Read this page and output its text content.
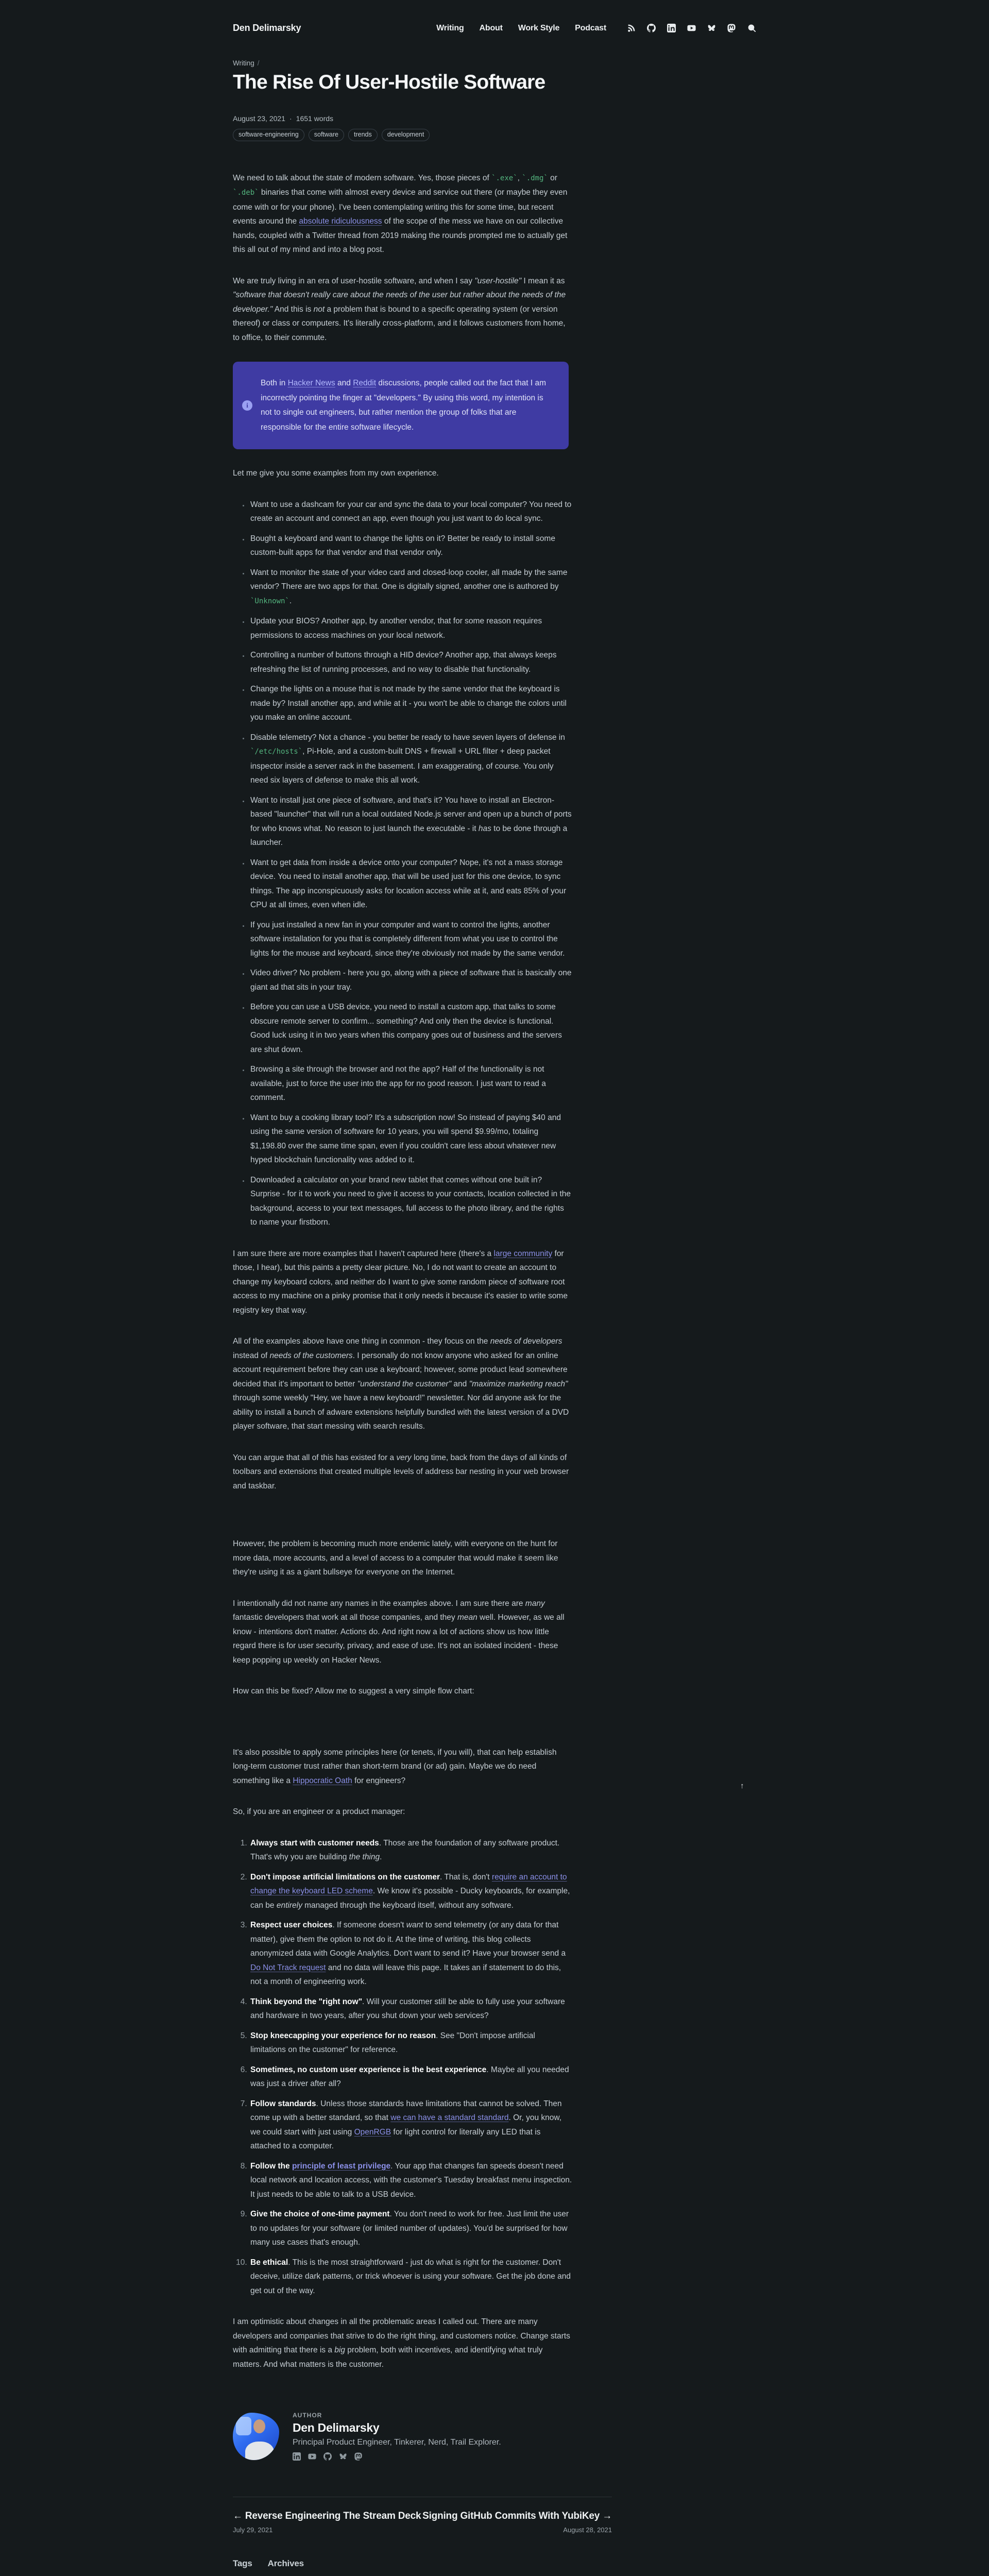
Den Delimarsky	Writing About Work Style Podcast
Writing /
The Rise Of User-Hostile Software
August 23, 2021 · 1651 words
software-engineering	software	trends	development

We need to talk about the state of modern software. Yes, those pieces of `.exe`, `.dmg` or `.deb` binaries that come with almost every device and service out there (or maybe they even come with or for your phone). I've been contemplating writing this for some time, but recent events around the absolute ridiculousness of the scope of the mess we have on our collective hands, coupled with a Twitter thread from 2019 making the rounds prompted me to actually get this all out of my mind and into a blog post.

We are truly living in an era of user-hostile software, and when I say "user-hostile" I mean it as "software that doesn't really care about the needs of the user but rather about the needs of the developer." And this is not a problem that is bound to a specific operating system (or version thereof) or class or computers. It's literally cross-platform, and it follows customers from home, to office, to their commute.

i

Both in Hacker News and Reddit discussions, people called out the fact that I am incorrectly pointing the finger at "developers." By using this word, my intention is not to single out engineers, but rather mention the group of folks that are responsible for the entire software lifecycle.

Let me give you some examples from my own experience.

• Want to use a dashcam for your car and sync the data to your local computer? You need to create an account and connect an app, even though you just want to do local sync.
• Bought a keyboard and want to change the lights on it? Better be ready to install some custom-built apps for that vendor and that vendor only.
• Want to monitor the state of your video card and closed-loop cooler, all made by the same vendor? There are two apps for that. One is digitally signed, another one is authored by `Unknown`.
• Update your BIOS? Another app, by another vendor, that for some reason requires permissions to access machines on your local network.
• Controlling a number of buttons through a HID device? Another app, that always keeps refreshing the list of running processes, and no way to disable that functionality.
• Change the lights on a mouse that is not made by the same vendor that the keyboard is made by? Install another app, and while at it - you won't be able to change the colors until you make an online account.
• Disable telemetry? Not a chance - you better be ready to have seven layers of defense in `/etc/hosts`, Pi-Hole, and a custom-built DNS + firewall + URL filter + deep packet inspector inside a server rack in the basement. I am exaggerating, of course. You only need six layers of defense to make this all work.
• Want to install just one piece of software, and that's it? You have to install an Electron-based "launcher" that will run a local outdated Node.js server and open up a bunch of ports for who knows what. No reason to just launch the executable - it has to be done through a launcher.
• Want to get data from inside a device onto your computer? Nope, it's not a mass storage device. You need to install another app, that will be used just for this one device, to sync things. The app inconspicuously asks for location access while at it, and eats 85% of your CPU at all times, even when idle.
• If you just installed a new fan in your computer and want to control the lights, another software installation for you that is completely different from what you use to control the lights for the mouse and keyboard, since they're obviously not made by the same vendor.
• Video driver? No problem - here you go, along with a piece of software that is basically one giant ad that sits in your tray.
• Before you can use a USB device, you need to install a custom app, that talks to some obscure remote server to confirm... something? And only then the device is functional. Good luck using it in two years when this company goes out of business and the servers are shut down.
• Browsing a site through the browser and not the app? Half of the functionality is not available, just to force the user into the app for no good reason. I just want to read a comment.
• Want to buy a cooking library tool? It's a subscription now! So instead of paying $40 and using the same version of software for 10 years, you will spend $9.99/mo, totaling $1,198.80 over the same time span, even if you couldn't care less about whatever new hyped blockchain functionality was added to it.
• Downloaded a calculator on your brand new tablet that comes without one built in? Surprise - for it to work you need to give it access to your contacts, location collected in the background, access to your text messages, full access to the photo library, and the rights to name your firstborn.

I am sure there are more examples that I haven't captured here (there's a large community for those, I hear), but this paints a pretty clear picture. No, I do not want to create an account to change my keyboard colors, and neither do I want to give some random piece of software root access to my machine on a pinky promise that it only needs it because it's easier to write some registry key that way.

All of the examples above have one thing in common - they focus on the needs of developers instead of needs of the customers. I personally do not know anyone who asked for an online account requirement before they can use a keyboard; however, some product lead somewhere decided that it's important to better "understand the customer" and "maximize marketing reach" through some weekly "Hey, we have a new keyboard!" newsletter. Nor did anyone ask for the ability to install a bunch of adware extensions helpfully bundled with the latest version of a DVD player software, that start messing with search results.

You can argue that all of this has existed for a very long time, back from the days of all kinds of toolbars and extensions that created multiple levels of address bar nesting in your web browser and taskbar.

However, the problem is becoming much more endemic lately, with everyone on the hunt for more data, more accounts, and a level of access to a computer that would make it seem like they're using it as a giant bullseye for everyone on the Internet.

I intentionally did not name any names in the examples above. I am sure there are many fantastic developers that work at all those companies, and they mean well. However, as we all know - intentions don't matter. Actions do. And right now a lot of actions show us how little regard there is for user security, privacy, and ease of use. It's not an isolated incident - these keep popping up weekly on Hacker News.

How can this be fixed? Allow me to suggest a very simple flow chart:

It's also possible to apply some principles here (or tenets, if you will), that can help establish long-term customer trust rather than short-term brand (or ad) gain. Maybe we do need something like a Hippocratic Oath for engineers?

So, if you are an engineer or a product manager:

1. Always start with customer needs. Those are the foundation of any software product. That's why you are building the thing.
2. Don't impose artificial limitations on the customer. That is, don't require an account to change the keyboard LED scheme. We know it's possible - Ducky keyboards, for example, can be entirely managed through the keyboard itself, without any software.
3. Respect user choices. If someone doesn't want to send telemetry (or any data for that matter), give them the option to not do it. At the time of writing, this blog collects anonymized data with Google Analytics. Don't want to send it? Have your browser send a Do Not Track request and no data will leave this page. It takes an if statement to do this, not a month of engineering work.
4. Think beyond the "right now". Will your customer still be able to fully use your software and hardware in two years, after you shut down your web services?
5. Stop kneecapping your experience for no reason. See "Don't impose artificial limitations on the customer" for reference.
6. Sometimes, no custom user experience is the best experience. Maybe all you needed was just a driver after all?
7. Follow standards. Unless those standards have limitations that cannot be solved. Then come up with a better standard, so that we can have a standard standard. Or, you know, we could start with just using OpenRGB for light control for literally any LED that is attached to a computer.
8. Follow the principle of least privilege. Your app that changes fan speeds doesn't need local network and location access, with the customer's Tuesday breakfast menu inspection. It just needs to be able to talk to a USB device.
9. Give the choice of one-time payment. You don't need to work for free. Just limit the user to no updates for your software (or limited number of updates). You'd be surprised for how many use cases that's enough.
10. Be ethical. This is the most straightforward - just do what is right for the customer. Don't deceive, utilize dark patterns, or trick whoever is using your software. Get the job done and get out of the way.

I am optimistic about changes in all the problematic areas I called out. There are many developers and companies that strive to do the right thing, and customers notice. Change starts with admitting that there is a big problem, both with incentives, and identifying what truly matters. And what matters is the customer.

AUTHOR
Den Delimarsky
Principal Product Engineer, Tinkerer, Nerd, Trail Explorer.
← Reverse Engineering The Stream Deck
July 29, 2021
Signing GitHub Commits With YubiKey →
August 28, 2021
Tags Archives
↑
